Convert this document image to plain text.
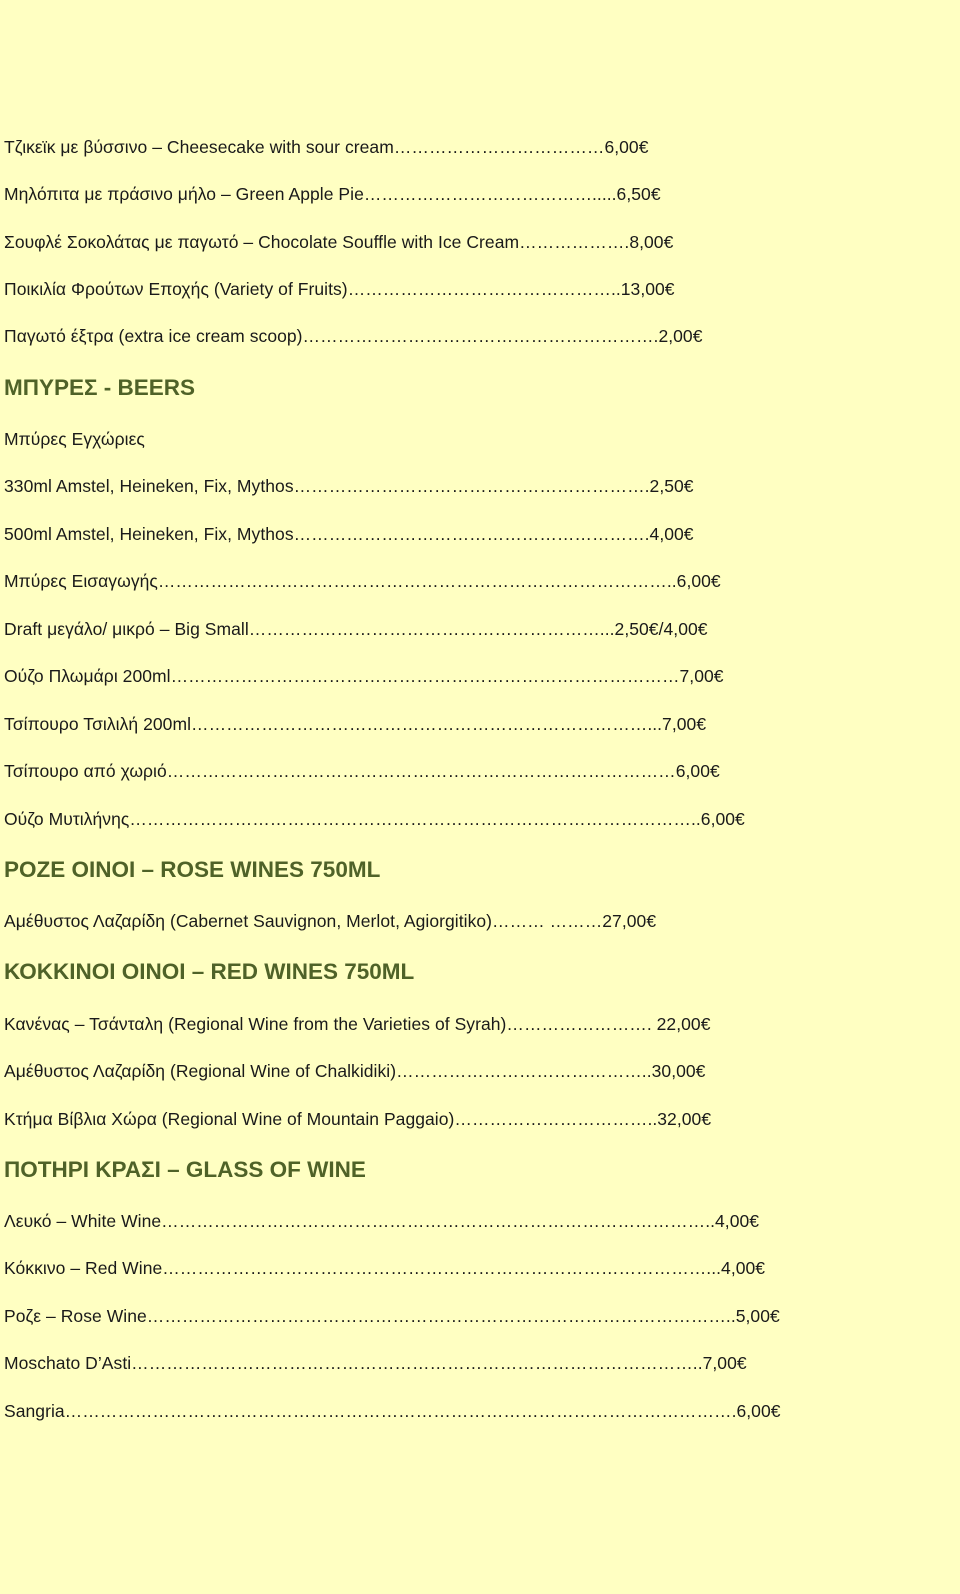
Τζικεϊκ με βύσσινο – Cheesecake with sour cream………………………………6,00€
Μηλόπιτα με πράσινο μήλο – Green Apple Pie………………………………….....6,50€
Σουφλέ Σοκολάτας με παγωτό – Chocolate Souffle with Ice Cream……………….8,00€
Ποικιλία Φρούτων Εποχής (Variety of Fruits)………………………………………..13,00€
Παγωτό έξτρα (extra ice cream scoop)…………………………………………………….2,00€
ΜΠΥΡΕΣ - BEERS
Μπύρες Εγχώριες
330ml Amstel, Heineken, Fix, Mythos…………………………………………………….2,50€
500ml Amstel, Heineken, Fix, Mythos…………………………………………………….4,00€
Μπύρες Εισαγωγής……………………………………………………………………………..6,00€
Draft μεγάλο/ μικρό – Big Small……………………………………………………...2,50€/4,00€
Ούζο Πλωμάρι 200ml……………………………………………………………………………7,00€
Τσίπουρο Τσιλιλή 200ml……………………………………………………………………...7,00€
Τσίπουρο από χωριό……………………………………………………………………………6,00€
Ούζο Μυτιλήνης……………………………………………………………………………………..6,00€
ΡΟΖΕ ΟΙΝΟΙ – ROSE WINES 750ML
Αμέθυστος Λαζαρίδη (Cabernet Sauvignon, Merlot, Agiorgitiko)……… ………27,00€
ΚΟΚΚΙΝΟΙ ΟΙΝΟΙ – RED WINES 750ML
Κανένας – Τσάνταλη (Regional Wine from the Varieties of Syrah)……………………. 22,00€
Αμέθυστος Λαζαρίδη (Regional Wine of Chalkidiki)……………………………………..30,00€
Κτήμα Βίβλια Χώρα (Regional Wine of Mountain Paggaio)……………………………..32,00€
ΠΟΤΗΡΙ ΚΡΑΣΙ – GLASS OF WINE
Λευκό – White Wine…………………………………………………………………………………..4,00€
Κόκκινο – Red Wine…………………………………………………………………………………...4,00€
Ροζε – Rose Wine………………………………………………………………………………………..5,00€
Moschato D’Asti……………………………………………………………………………………..7,00€
Sangria…………………………………………………………………………………………………….6,00€
